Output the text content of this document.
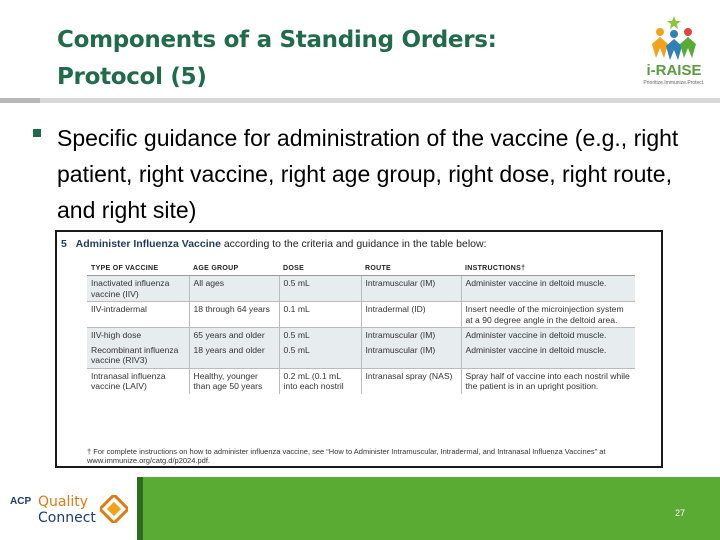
Components of a Standing Orders:
Protocol (5)	i-RAISE
Prioritize.Immunize.Protect.
Specific guidance for administration of the vaccine (e.g., right patient, right vaccine, right age group, right dose, right route, and right site)
5 Administer Influenza Vaccine according to the criteria and guidance in the table below:
TYPE OF VACCINE	AGE GROUP	DOSE	ROUTE	INSTRUCTIONS†
Inactivated influenza vaccine (IIV)	All ages	0.5 mL	Intramuscular (IM)	Administer vaccine in deltoid muscle.
IIV-intradermal	18 through 64 years	0.1 mL	Intradermal (ID)	Insert needle of the microinjection system at a 90 degree angle in the deltoid area.
IIV-high dose	65 years and older	0.5 mL	Intramuscular (IM)	Administer vaccine in deltoid muscle.
Recombinant influenza vaccine (RIV3)	18 years and older	0.5 mL	Intramuscular (IM)	Administer vaccine in deltoid muscle.
Intranasal influenza vaccine (LAIV)	Healthy, younger than age 50 years	0.2 mL (0.1 mL into each nostril	Intranasal spray (NAS)	Spray half of vaccine into each nostril while the patient is in an upright position.
† For complete instructions on how to administer influenza vaccine, see “How to Administer Intramuscular, Intradermal, and Intranasal Influenza Vaccines” at www.immunize.org/catg.d/p2024.pdf.
ACP Quality
Connect	27
